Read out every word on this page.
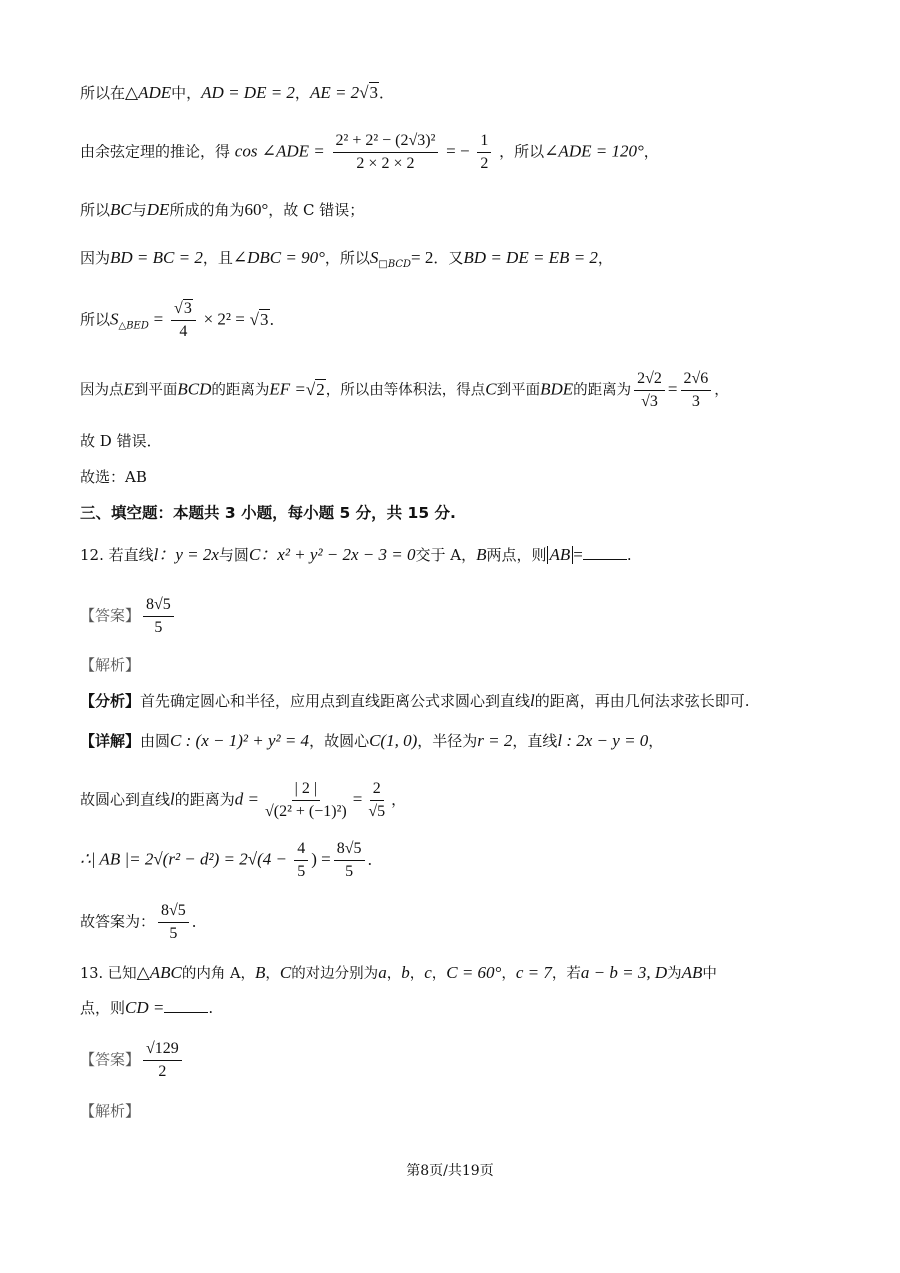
所以在△ADE中，AD = DE = 2，AE = 2√3．
由余弦定理的推论，得 cos ∠ADE = $\frac{\text{2² + 2² − (2√3)²}}{2 \times 2 \times 2}$ = − $\frac{1}{2}$ ，所以∠ADE = 120°，
所以BC与DE所成的角为60°，故 C 错误；
因为BD = BC = 2，且∠DBC = 90°，所以$S_{□BCD}= 2$．又BD = DE = EB = 2，
所以$S_{\triangle BED} = \frac{√3}{4} \times 2^2 = √3$．
因为点E到平面BCD的距离为EF =√2，所以由等体积法，得点C到平面BDE的距离为 $\frac{2√2}{√3} = \frac{2√6}{3}$ ，
故 D 错误．
故选：AB
三、填空题：本题共 3 小题，每小题 5 分，共 15 分.
12. 若直线l：y = 2x与圆C：x² + y² − 2x − 3 = 0交于 A，B两点，则 AB =	.
【答案】 $\frac{8√5}{5}$
【解析】
【分析】首先确定圆心和半径，应用点到直线距离公式求圆心到直线l的距离，再由几何法求弦长即可.
【详解】由圆C : (x − 1)² + y² = 4，故圆心C(1, 0)，半径为r = 2，直线l : 2x − y = 0，
故圆心到直线l的距离为$d = \frac{| 2 |}{\text{√(2² + (−1)²)}} = \frac{2}{√5}$ ，
∴| AB |= $2√(r^2 - d^2) = 2√(4 - \frac{4}{5}$ ) = $\frac{8√5}{5}$ ．
故答案为： $\frac{8√5}{5}$ ．
13. 已知△ABC的内角 A，B，C的对边分别为a，b，c，C = 60°，c = 7，若a − b = 3, D为AB中
点，则CD =	.
【答案】 $\frac{√129}{2}$
【解析】
第8页/共19页
